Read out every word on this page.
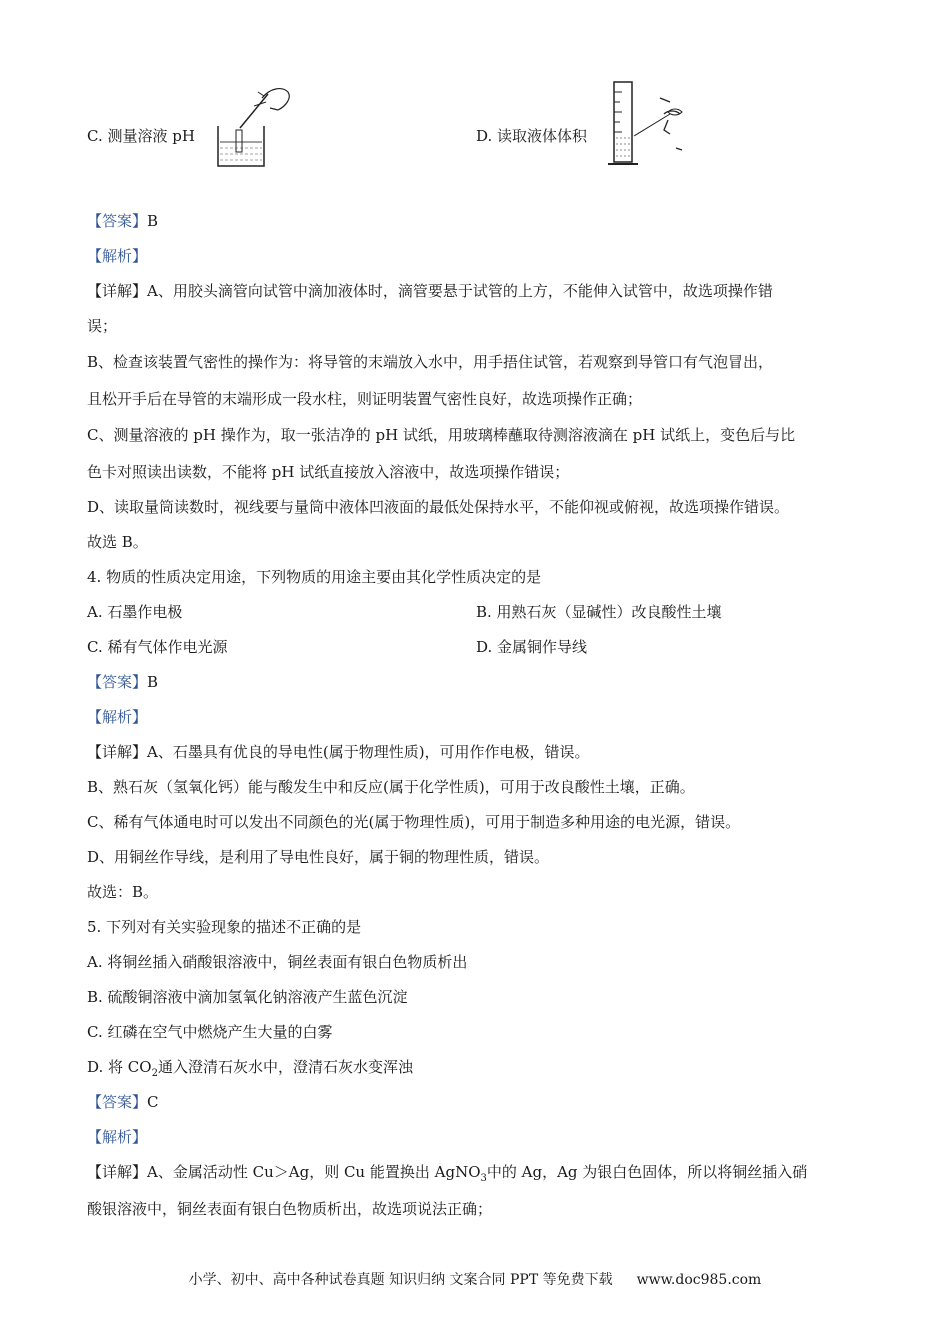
C. 测量溶液 pH	D. 读取液体体积
【答案】B
【解析】
【详解】A、用胶头滴管向试管中滴加液体时，滴管要悬于试管的上方，不能伸入试管中，故选项操作错
误；
B、检查该装置气密性的操作为：将导管的末端放入水中，用手捂住试管，若观察到导管口有气泡冒出，
且松开手后在导管的末端形成一段水柱，则证明装置气密性良好，故选项操作正确；
C、测量溶液的 pH 操作为，取一张洁净的 pH 试纸，用玻璃棒蘸取待测溶液滴在 pH 试纸上，变色后与比
色卡对照读出读数，不能将 pH 试纸直接放入溶液中，故选项操作错误；
D、读取量筒读数时，视线要与量筒中液体凹液面的最低处保持水平，不能仰视或俯视，故选项操作错误。
故选 B。
4. 物质的性质决定用途，下列物质的用途主要由其化学性质决定的是
A. 石墨作电极	B. 用熟石灰（显碱性）改良酸性土壤
C. 稀有气体作电光源	D. 金属铜作导线
【答案】B
【解析】
【详解】A、石墨具有优良的导电性(属于物理性质)，可用作作电极，错误。
B、熟石灰（氢氧化钙）能与酸发生中和反应(属于化学性质)，可用于改良酸性土壤，正确。
C、稀有气体通电时可以发出不同颜色的光(属于物理性质)，可用于制造多种用途的电光源，错误。
D、用铜丝作导线，是利用了导电性良好，属于铜的物理性质，错误。
故选：B。
5. 下列对有关实验现象的描述不正确的是
A. 将铜丝插入硝酸银溶液中，铜丝表面有银白色物质析出
B. 硫酸铜溶液中滴加氢氧化钠溶液产生蓝色沉淀
C. 红磷在空气中燃烧产生大量的白雾
D. 将 $CO_2$通入澄清石灰水中，澄清石灰水变浑浊
【答案】C
【解析】
【详解】A、金属活动性 Cu＞Ag，则 Cu 能置换出 AgNO$_3$中的 Ag，Ag 为银白色固体，所以将铜丝插入硝
酸银溶液中，铜丝表面有银白色物质析出，故选项说法正确；
小学、初中、高中各种试卷真题 知识归纳 文案合同 PPT 等免费下载 www.doc985.com
